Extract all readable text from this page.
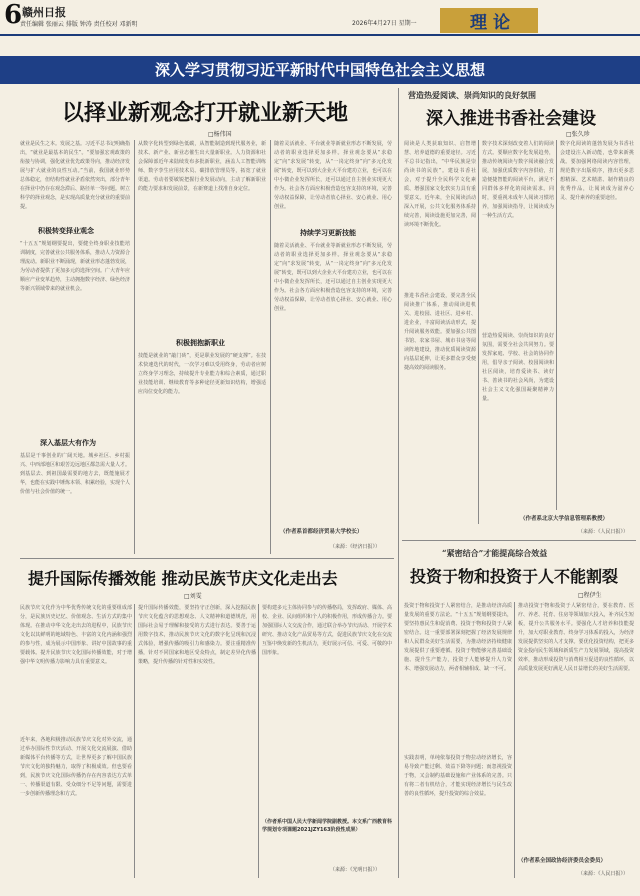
6 赣州日报
责任编辑 张丽云 排版 钟涛 责任校对 邓新明	2026年4月27日 星期一	理论
深入学习贯彻习近平新时代中国特色社会主义思想
以择业新观念打开就业新天地
□杨伟国
就业是民生之本。发展之基。习近平总书记明确指出，“就业是最基本的民生”。“要加强宏观政策的衔接与协调，强化就业优先政策导向，推动经济发展与扩大就业的良性互动。”当前，我国就业形势总体稳定，但结构性就业矛盾依然突出，部分青年在择业中仍存在观念滞后、路径单一等问题。树立科学的择业观念，是实现高质量充分就业的重要前提。
积极转变择业观念
“十五五”规划纲要提出，要健全终身职业技能培训制度，完善就业公共服务体系，推动人力资源合理流动。新职业不断涌现，新就业形态蓬勃发展，为劳动者提供了更加多元的选择空间。广大青年应顺应产业变革趋势，主动拥抱数字经济、绿色经济等新兴领域带来的就业机会。
深入基层大有作为
基层是干事创业的广阔天地。城乡社区、乡村振兴、中西部地区和艰苦边远地区都急需大量人才。到基层去、到祖国最需要的地方去，既能施展才华，也能在实践中锤炼本领、积累经验，实现个人价值与社会价值的统一。
从数字化转型到绿色低碳，从智能制造到现代服务业，新技术、新产业、新业态催生出大量新职业。人力资源和社会保障部近年来陆续发布多批新职业，涵盖人工智能训练师、数字孪生应用技术员、碳排放管理员等，拓宽了就业渠道。劳动者要敏锐把握行业发展动向，主动了解新职业的能力要求和发展前景，在新赛道上找准自身定位。
积极拥抱新职业
技能是就业的“敲门砖”，更是职业发展的“硬支撑”。在技术快速迭代的时代，一次学习难以受用终身，劳动者应树立终身学习理念，持续提升专业能力和综合素质，通过职业技能培训、继续教育等多种途径更新知识结构，增强适应岗位变化的能力。
持续学习更新技能
随着灵活就业、平台就业等新就业形态不断发展，劳动者的职业选择更加多样。择业观念要从“求稳定”向“求发展”转变，从“一岗定终身”向“多元化发展”转变，既可以到大企业大平台建功立业，也可以在中小微企业发挥所长，还可以通过自主创业实现更大作为。社会各方面应积极营造包容支持的环境，完善劳动权益保障，让劳动者放心择业、安心就业、用心创业。
随着灵活就业、平台就业等新就业形态不断发展，劳动者的职业选择更加多样。择业观念要从“求稳定”向“求发展”转变，从“一岗定终身”向“多元化发展”转变，既可以到大企业大平台建功立业，也可以在中小微企业发挥所长，还可以通过自主创业实现更大作为。社会各方面应积极营造包容支持的环境，完善劳动权益保障，让劳动者放心择业、安心就业、用心创业。
（作者系首都经济贸易大学校长）
（来源：《经济日报》）
营造热爱阅读、崇尚知识的良好氛围
深入推进书香社会建设
□张久珍
阅读是人类获取知识、启智增慧、培养道德的重要途径。习近平总书记指出，“中华民族是崇尚读书的民族”。建设书香社会，对于提升全民科学文化素质、增强国家文化软实力具有重要意义。近年来，全民阅读活动深入开展，公共文化服务体系持续完善，阅读设施更加完善，阅读环境不断优化。
推进书香社会建设，要完善全民阅读推广体系，推动阅读进机关、进校园、进社区、进乡村、进企业，丰富阅读活动形式，提升阅读服务效能。要加强公共图书馆、农家书屋、城市书房等阅读阵地建设，推动优质阅读资源向基层延伸，让更多群众享受便捷高效的阅读服务。
数字技术深刻改变着人们的阅读方式。要顺应数字化发展趋势，推动传统阅读与数字阅读融合发展，加强优质数字内容供给，打造便捷智能的阅读平台，满足不同群体多样化的阅读需求。同时，要重视未成年人阅读习惯培养，加强阅读指导，让阅读成为一种生活方式。
营造热爱阅读、崇尚知识的良好氛围，需要全社会共同努力。要发挥家庭、学校、社会的协同作用，倡导亲子阅读、校园阅读和社区阅读，培育爱读书、读好书、善读书的社会风尚，为建设社会主义文化强国凝聚精神力量。
数字化阅读的蓬勃发展为书香社会建设注入新动能，也带来新挑战。要加强网络阅读内容管理，规范数字出版秩序，推出更多思想精深、艺术精湛、制作精良的优秀作品，让阅读成为滋养心灵、提升素养的重要途径。
（作者系北京大学信息管理系教授）
（来源：《人民日报》）
提升国际传播效能 推动民族节庆文化走出去
□刘雯
民族节庆文化作为中华优秀传统文化的重要组成部分，是民族历史记忆、价值观念、生活方式的集中体现。在推动中华文化走出去的进程中，民族节庆文化以其鲜明的地域特色、丰富的文化内涵和强烈的参与性，成为展示中国形象、讲好中国故事的重要载体。提升民族节庆文化国际传播效能，对于增强中华文明传播力影响力具有重要意义。
近年来，各地积极推动民族节庆文化对外交流，通过举办国际性节庆活动、开展文化交流展演、借助新媒体平台传播等方式，让世界更多了解中国民族节庆文化的独特魅力，取得了积极成效。但也要看到，民族节庆文化国际传播仍存在内容表达方式单一、传播渠道有限、受众细分不足等问题，需要进一步创新传播理念和方式。
提升国际传播效能，要坚持守正创新，深入挖掘民族节庆文化蕴含的思想观念、人文精神和道德规范，用国际社会易于理解和接受的方式进行表达。要善于运用数字技术，推动民族节庆文化的数字化呈现和沉浸式体验，增强传播的吸引力和感染力。要注重精准传播，针对不同国家和地区受众特点，制定差异化传播策略，提升传播的针对性和实效性。
要构建多元主体协同参与的传播格局，发挥政府、媒体、高校、企业、民间组织和个人的积极作用，形成传播合力。要加强国际人文交流合作，通过联合举办节庆活动、开展学术研究、推动文化产品贸易等方式，促进民族节庆文化在交流互鉴中焕发新的生机活力，更好展示可信、可爱、可敬的中国形象。
（作者系中国人民大学新闻学院副教授。本文系广西教育科学规划专项课题2021JZY163阶段性成果）
（来源：《光明日报》）
“紧密结合”才能提高综合效益
投资于物和投资于人不能割裂
□程伊生
投资于物和投资于人紧密结合，是推动经济高质量发展的重要方法论。“十五五”规划纲要提出，要坚持惠民生和促消费、投资于物和投资于人紧密结合。这一重要部署深刻把握了经济发展规律和人民群众美好生活需要，为推动经济持续健康发展提供了重要遵循。投资于物能够完善基础设施、提升生产能力，投资于人能够提升人力资本、增强发展动力，两者相辅相成、缺一不可。
实践表明，单纯依靠投资于物拉动经济增长，容易导致产能过剩、效益下降等问题；而忽视投资于物，又会制约基础设施和产业体系的完善。只有将二者有机结合，才能实现经济增长与民生改善的良性循环，提升投资的综合效益。
推动投资于物和投资于人紧密结合，要在教育、医疗、养老、托育、住房等领域加大投入，补齐民生短板，提升公共服务水平。要强化人才培养和技能提升，加大对职业教育、终身学习体系的投入，为经济发展提供坚实的人才支撑。要优化投资结构，把更多资金投向民生领域和新质生产力发展领域，提高投资效率，推动形成投资与消费相互促进的良性循环，以高质量发展更好满足人民日益增长的美好生活需要。
（作者系全国政协经济委员会委员）
（来源：《人民日报》）
